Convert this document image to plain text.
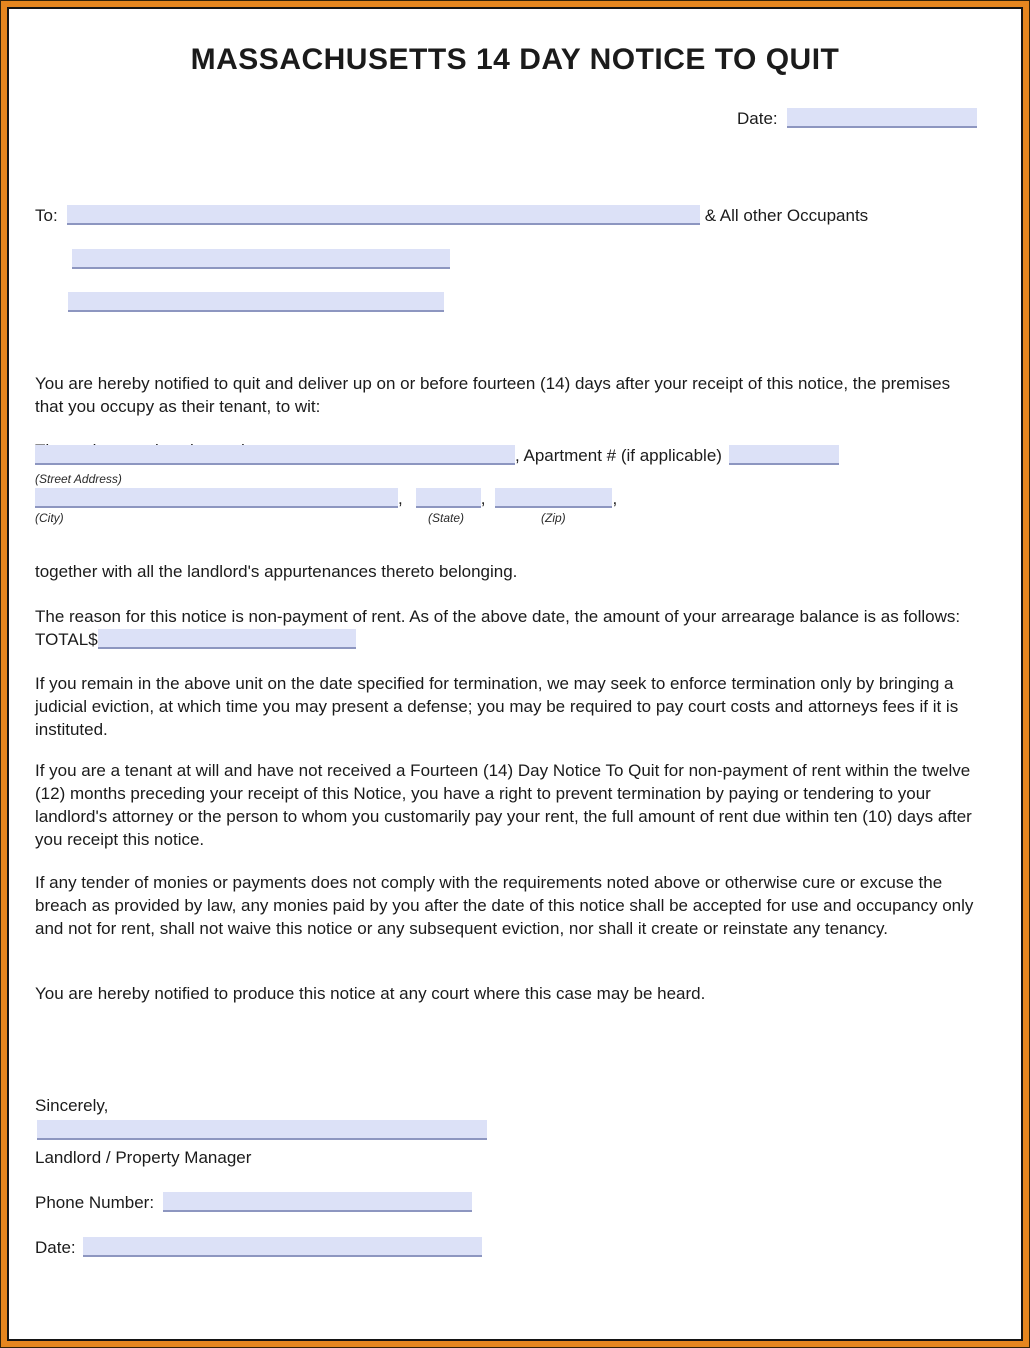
MASSACHUSETTS 14 DAY NOTICE TO QUIT
Date:
To:	& All other Occupants

You are hereby notified to quit and deliver up on or before fourteen (14) days after your receipt of this notice, the premises that you occupy as their tenant, to wit:

, Apartment # (if applicable)
(Street Address)
,	,	,
(City)	(State)	(Zip)

together with all the landlord's appurtenances thereto belonging.

The reason for this notice is non-payment of rent. As of the above date, the amount of your arrearage balance is as follows: TOTAL$

If you remain in the above unit on the date specified for termination, we may seek to enforce termination only by bringing a judicial eviction, at which time you may present a defense; you may be required to pay court costs and attorneys fees if it is instituted.

If you are a tenant at will and have not received a Fourteen (14) Day Notice To Quit for non-payment of rent within the twelve (12) months preceding your receipt of this Notice, you have a right to prevent termination by paying or tendering to your landlord's attorney or the person to whom you customarily pay your rent, the full amount of rent due within ten (10) days after you receipt this notice.

If any tender of monies or payments does not comply with the requirements noted above or otherwise cure or excuse the breach as provided by law, any monies paid by you after the date of this notice shall be accepted for use and occupancy only and not for rent, shall not waive this notice or any subsequent eviction, nor shall it create or reinstate any tenancy.

You are hereby notified to produce this notice at any court where this case may be heard.

Sincerely,

Landlord / Property Manager
Phone Number:
Date:
